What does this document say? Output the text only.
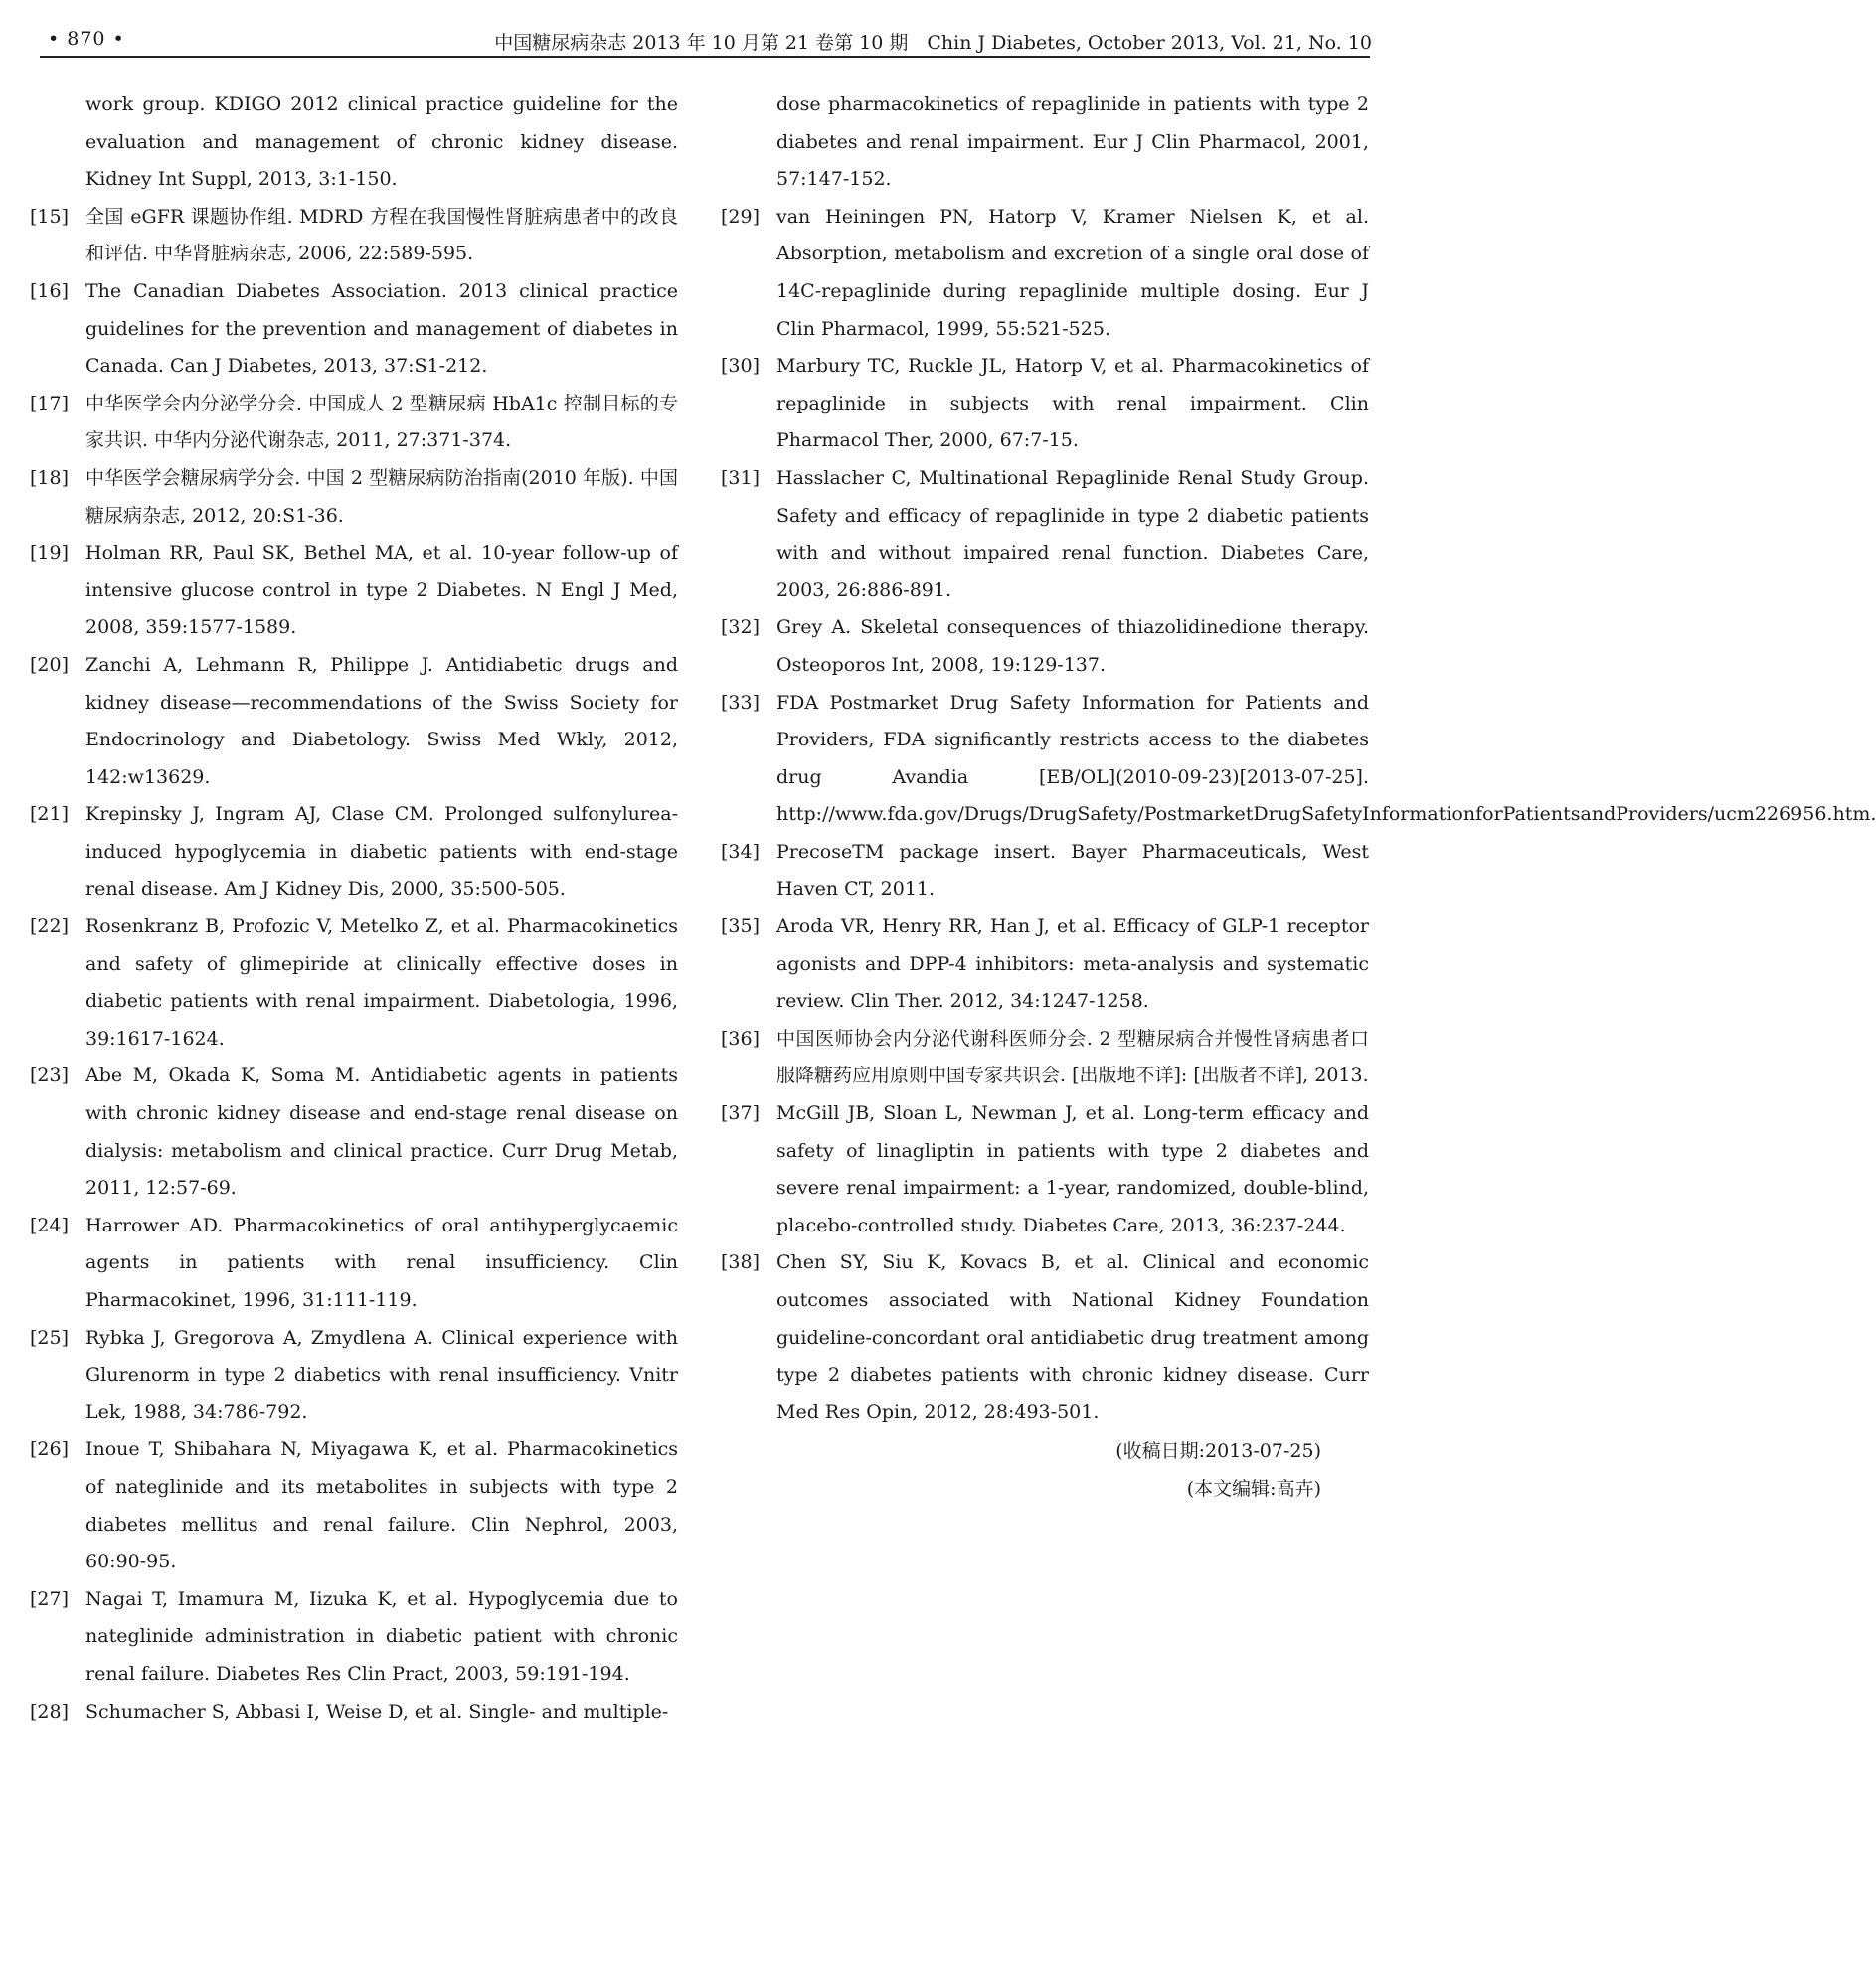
• 870 •	中国糖尿病杂志 2013 年 10 月第 21 卷第 10 期　Chin J Diabetes, October 2013, Vol. 21, No. 10
work group. KDIGO 2012 clinical practice guideline for the evaluation and management of chronic kidney disease. Kidney Int Suppl, 2013, 3:1-150.
[15] 全国 eGFR 课题协作组. MDRD 方程在我国慢性肾脏病患者中的改良和评估. 中华肾脏病杂志, 2006, 22:589-595.
[16] The Canadian Diabetes Association. 2013 clinical practice guidelines for the prevention and management of diabetes in Canada. Can J Diabetes, 2013, 37:S1-212.
[17] 中华医学会内分泌学分会. 中国成人 2 型糖尿病 HbA1c 控制目标的专家共识. 中华内分泌代谢杂志, 2011, 27:371-374.
[18] 中华医学会糖尿病学分会. 中国 2 型糖尿病防治指南(2010 年版). 中国糖尿病杂志, 2012, 20:S1-36.
[19] Holman RR, Paul SK, Bethel MA, et al. 10-year follow-up of intensive glucose control in type 2 Diabetes. N Engl J Med, 2008, 359:1577-1589.
[20] Zanchi A, Lehmann R, Philippe J. Antidiabetic drugs and kidney disease—recommendations of the Swiss Society for Endocrinology and Diabetology. Swiss Med Wkly, 2012, 142:w13629.
[21] Krepinsky J, Ingram AJ, Clase CM. Prolonged sulfonylurea-induced hypoglycemia in diabetic patients with end-stage renal disease. Am J Kidney Dis, 2000, 35:500-505.
[22] Rosenkranz B, Profozic V, Metelko Z, et al. Pharmacokinetics and safety of glimepiride at clinically effective doses in diabetic patients with renal impairment. Diabetologia, 1996, 39:1617-1624.
[23] Abe M, Okada K, Soma M. Antidiabetic agents in patients with chronic kidney disease and end-stage renal disease on dialysis: metabolism and clinical practice. Curr Drug Metab, 2011, 12:57-69.
[24] Harrower AD. Pharmacokinetics of oral antihyperglycaemic agents in patients with renal insufficiency. Clin Pharmacokinet, 1996, 31:111-119.
[25] Rybka J, Gregorova A, Zmydlena A. Clinical experience with Glurenorm in type 2 diabetics with renal insufficiency. Vnitr Lek, 1988, 34:786-792.
[26] Inoue T, Shibahara N, Miyagawa K, et al. Pharmacokinetics of nateglinide and its metabolites in subjects with type 2 diabetes mellitus and renal failure. Clin Nephrol, 2003, 60:90-95.
[27] Nagai T, Imamura M, Iizuka K, et al. Hypoglycemia due to nateglinide administration in diabetic patient with chronic renal failure. Diabetes Res Clin Pract, 2003, 59:191-194.
[28] Schumacher S, Abbasi I, Weise D, et al. Single- and multiple-
dose pharmacokinetics of repaglinide in patients with type 2 diabetes and renal impairment. Eur J Clin Pharmacol, 2001, 57:147-152.
[29] van Heiningen PN, Hatorp V, Kramer Nielsen K, et al. Absorption, metabolism and excretion of a single oral dose of 14C-repaglinide during repaglinide multiple dosing. Eur J Clin Pharmacol, 1999, 55:521-525.
[30] Marbury TC, Ruckle JL, Hatorp V, et al. Pharmacokinetics of repaglinide in subjects with renal impairment. Clin Pharmacol Ther, 2000, 67:7-15.
[31] Hasslacher C, Multinational Repaglinide Renal Study Group. Safety and efficacy of repaglinide in type 2 diabetic patients with and without impaired renal function. Diabetes Care, 2003, 26:886-891.
[32] Grey A. Skeletal consequences of thiazolidinedione therapy. Osteoporos Int, 2008, 19:129-137.
[33] FDA Postmarket Drug Safety Information for Patients and Providers, FDA significantly restricts access to the diabetes drug Avandia [EB/OL](2010-09-23)[2013-07-25]. http://www.fda.gov/Drugs/DrugSafety/PostmarketDrugSafetyInformationforPatientsandProviders/ucm226956.htm.
[34] PrecoseTM package insert. Bayer Pharmaceuticals, West Haven CT, 2011.
[35] Aroda VR, Henry RR, Han J, et al. Efficacy of GLP-1 receptor agonists and DPP-4 inhibitors: meta-analysis and systematic review. Clin Ther. 2012, 34:1247-1258.
[36] 中国医师协会内分泌代谢科医师分会. 2 型糖尿病合并慢性肾病患者口服降糖药应用原则中国专家共识会. [出版地不详]: [出版者不详], 2013.
[37] McGill JB, Sloan L, Newman J, et al. Long-term efficacy and safety of linagliptin in patients with type 2 diabetes and severe renal impairment: a 1-year, randomized, double-blind, placebo-controlled study. Diabetes Care, 2013, 36:237-244.
[38] Chen SY, Siu K, Kovacs B, et al. Clinical and economic outcomes associated with National Kidney Foundation guideline-concordant oral antidiabetic drug treatment among type 2 diabetes patients with chronic kidney disease. Curr Med Res Opin, 2012, 28:493-501.
(收稿日期:2013-07-25)
(本文编辑:高卉)
